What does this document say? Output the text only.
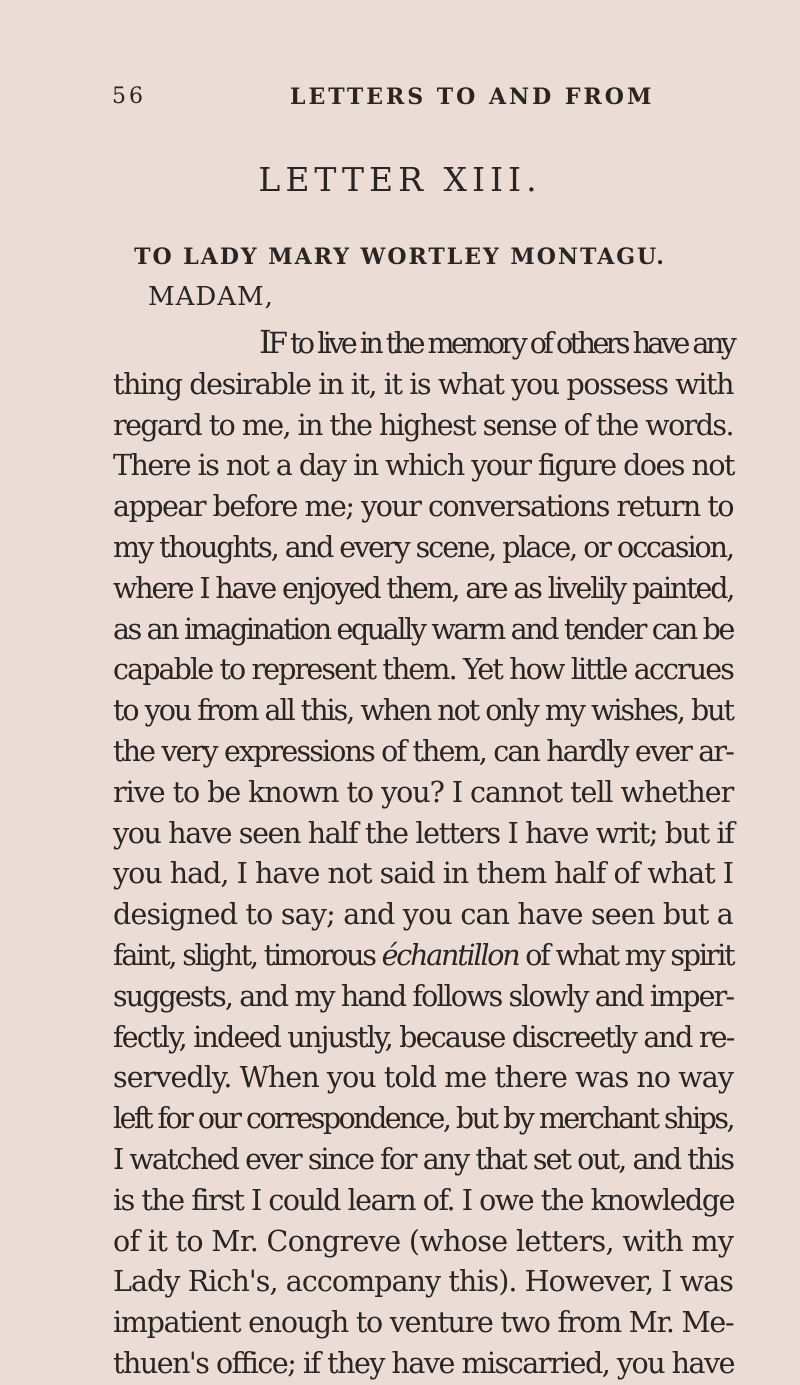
56	LETTERS TO AND FROM
LETTER XIII.
TO LADY MARY WORTLEY MONTAGU.
MADAM,
IF to live in the memory of others have any
thing desirable in it, it is what you possess with
regard to me, in the highest sense of the words.
There is not a day in which your figure does not
appear before me; your conversations return to
my thoughts, and every scene, place, or occasion,
where I have enjoyed them, are as livelily painted,
as an imagination equally warm and tender can be
capable to represent them. Yet how little accrues
to you from all this, when not only my wishes, but
the very expressions of them, can hardly ever ar-
rive to be known to you? I cannot tell whether
you have seen half the letters I have writ; but if
you had, I have not said in them half of what I
designed to say; and you can have seen but a
faint, slight, timorous échantillon of what my spirit
suggests, and my hand follows slowly and imper-
fectly, indeed unjustly, because discreetly and re-
servedly. When you told me there was no way
left for our correspondence, but by merchant ships,
I watched ever since for any that set out, and this
is the first I could learn of. I owe the knowledge
of it to Mr. Congreve (whose letters, with my
Lady Rich's, accompany this). However, I was
impatient enough to venture two from Mr. Me-
thuen's office; if they have miscarried, you have
